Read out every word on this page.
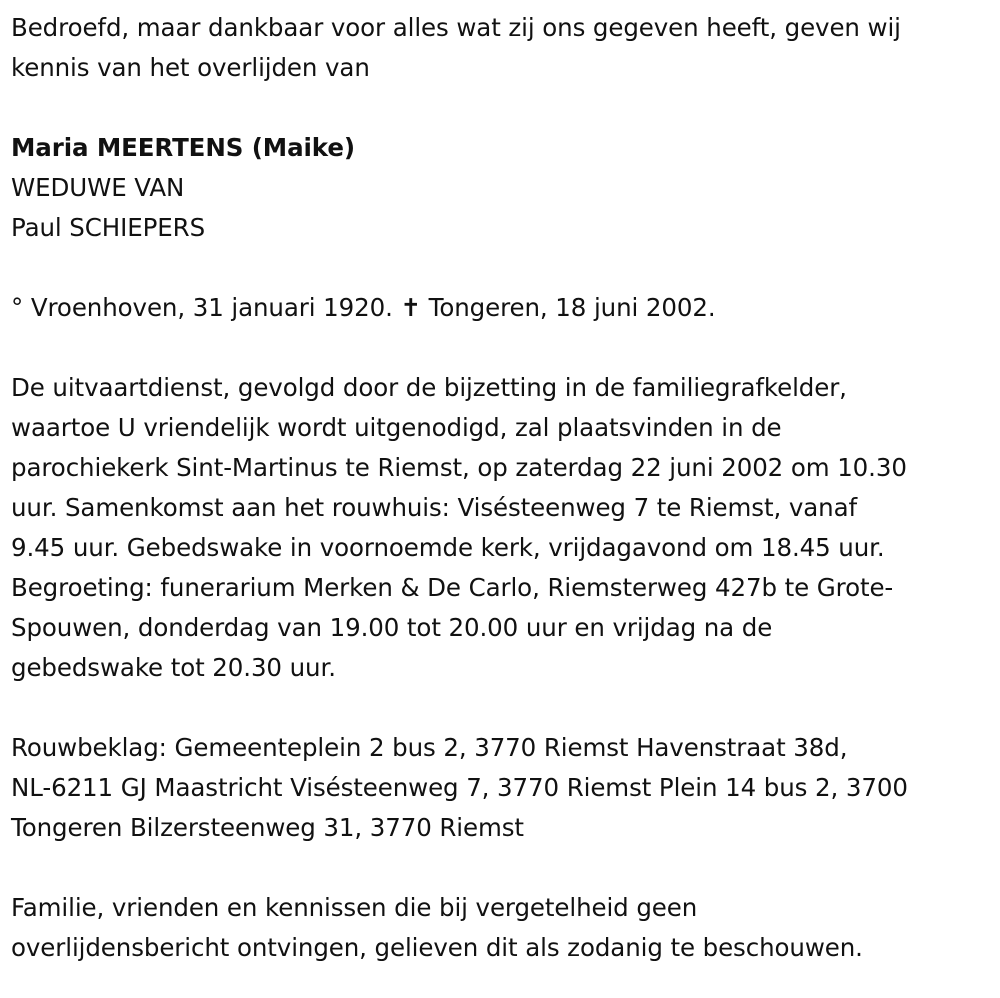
Bedroefd, maar dankbaar voor alles wat zij ons gegeven heeft, geven wij
kennis van het overlijden van

Maria MEERTENS (Maike)
WEDUWE VAN
Paul SCHIEPERS

° Vroenhoven, 31 januari 1920. ✝ Tongeren, 18 juni 2002.

De uitvaartdienst, gevolgd door de bijzetting in de familiegrafkelder,
waartoe U vriendelijk wordt uitgenodigd, zal plaatsvinden in de
parochiekerk Sint-Martinus te Riemst, op zaterdag 22 juni 2002 om 10.30
uur. Samenkomst aan het rouwhuis: Visésteenweg 7 te Riemst, vanaf
9.45 uur. Gebedswake in voornoemde kerk, vrijdagavond om 18.45 uur.
Begroeting: funerarium Merken & De Carlo, Riemsterweg 427b te Grote-
Spouwen, donderdag van 19.00 tot 20.00 uur en vrijdag na de
gebedswake tot 20.30 uur.

Rouwbeklag: Gemeenteplein 2 bus 2, 3770 Riemst Havenstraat 38d,
NL-6211 GJ Maastricht Visésteenweg 7, 3770 Riemst Plein 14 bus 2, 3700
Tongeren Bilzersteenweg 31, 3770 Riemst

Familie, vrienden en kennissen die bij vergetelheid geen
overlijdensbericht ontvingen, gelieven dit als zodanig te beschouwen.
